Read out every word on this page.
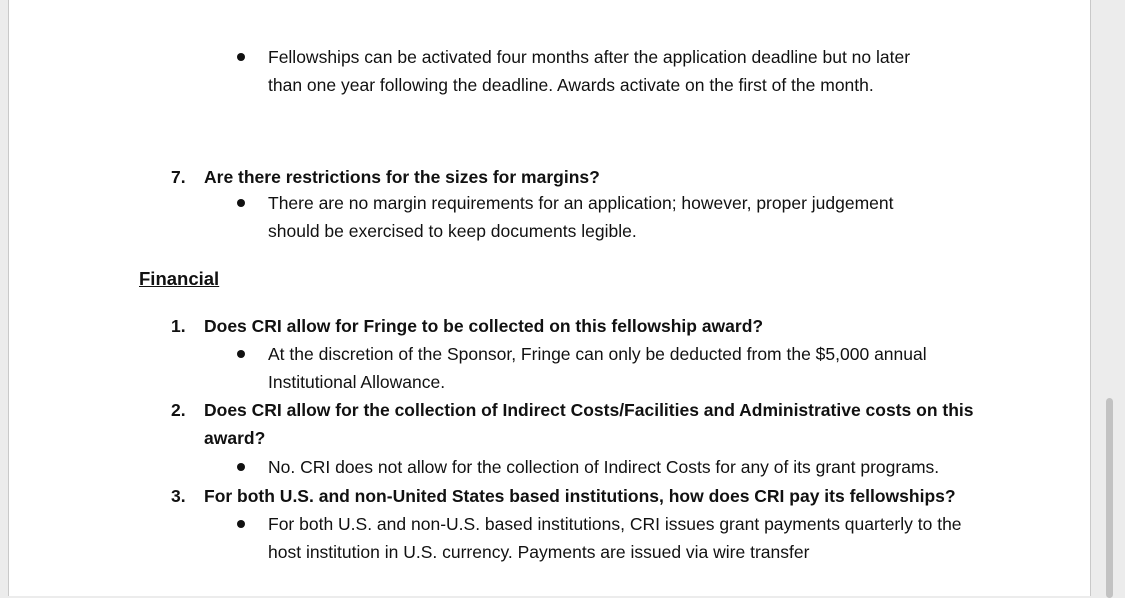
Fellowships can be activated four months after the application deadline but no later
than one year following the deadline. Awards activate on the first of the month.
7. Are there restrictions for the sizes for margins?
There are no margin requirements for an application; however, proper judgement
should be exercised to keep documents legible.
Financial
1. Does CRI allow for Fringe to be collected on this fellowship award?
At the discretion of the Sponsor, Fringe can only be deducted from the $5,000 annual
Institutional Allowance.
2. Does CRI allow for the collection of Indirect Costs/Facilities and Administrative costs on this
award?
No. CRI does not allow for the collection of Indirect Costs for any of its grant programs.
3. For both U.S. and non-United States based institutions, how does CRI pay its fellowships?
For both U.S. and non-U.S. based institutions, CRI issues grant payments quarterly to the
host institution in U.S. currency. Payments are issued via wire transfer
